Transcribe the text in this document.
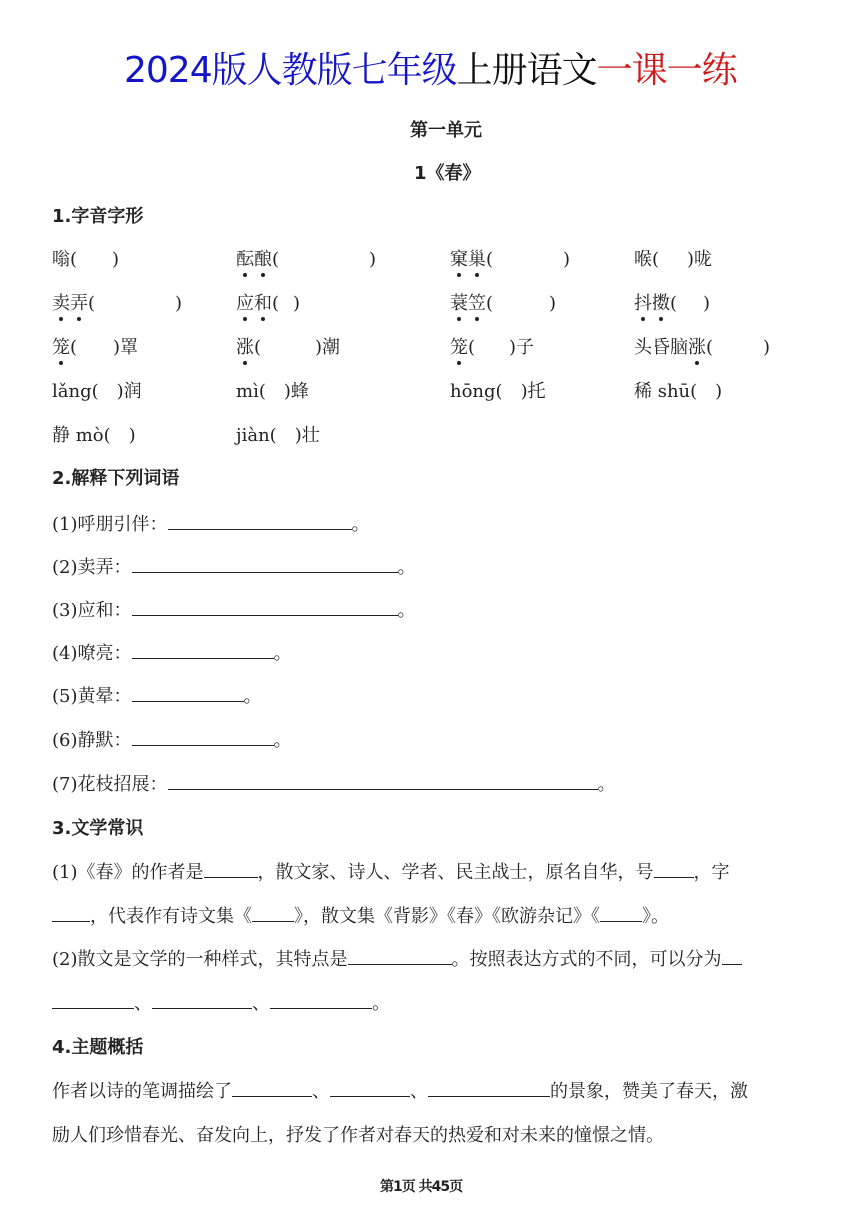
2024版人教版七年级上册语文一课一练
第一单元
1《春》
1.字音字形
嗡( )	酝酿(	)	窠巢(	)	喉( )咙
卖弄(	)	应和( )	蓑笠(	)	抖擞( )
笼( )罩	涨(	)潮	笼( )子	头昏脑涨(	)
lǎng( )润	mì( )蜂	hōng( )托	稀 shū( )
静 mò( )	jiàn( )壮
2.解释下列词语
(1)呼朋引伴：	。
(2)卖弄：	。
(3)应和：	。
(4)嘹亮：	。
(5)黄晕：	。
(6)静默：	。
(7)花枝招展：	。
3.文学常识
(1)《春》的作者是	，散文家、诗人、学者、民主战士，原名自华，号 ，字
，代表作有诗文集《 》，散文集《背影》《春》《欧游杂记》《 》。
(2)散文是文学的一种样式，其特点是	。按照表达方式的不同，可以分为
、	、	。
4.主题概括
作者以诗的笔调描绘了	、	、	的景象，赞美了春天，激
励人们珍惜春光、奋发向上，抒发了作者对春天的热爱和对未来的憧憬之情。
第1页 共45页
